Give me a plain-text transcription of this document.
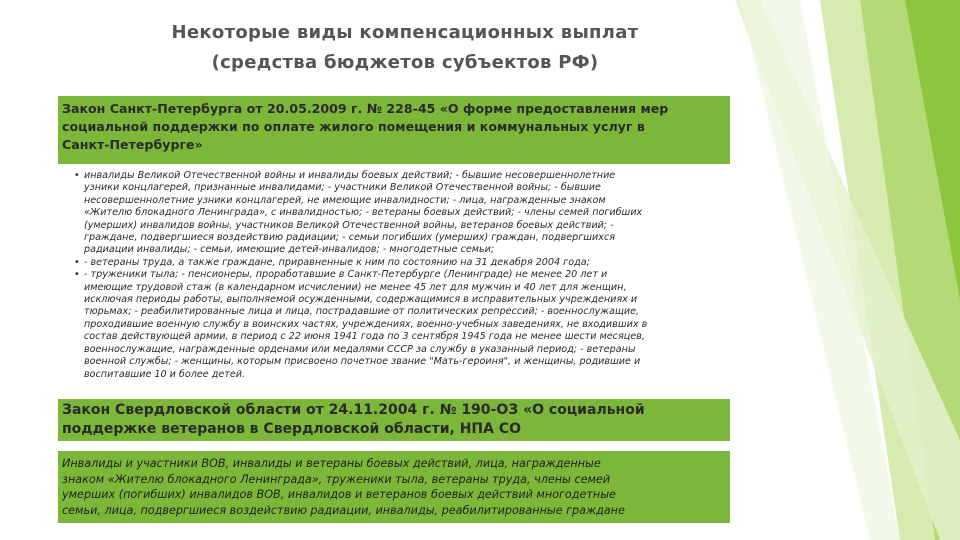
Некоторые виды компенсационных выплат
(средства бюджетов субъектов РФ)
Закон Санкт-Петербурга от 20.05.2009 г. № 228-45 «О форме предоставления мер
социальной поддержки по оплате жилого помещения и коммунальных услуг в
Санкт-Петербурге»
• инвалиды Великой Отечественной войны и инвалиды боевых действий; - бывшие несовершеннолетние
узники концлагерей, признанные инвалидами; - участники Великой Отечественной войны; - бывшие
несовершеннолетние узники концлагерей, не имеющие инвалидности; - лица, награжденные знаком
«Жителю блокадного Ленинграда», с инвалидностью; - ветераны боевых действий; - члены семей погибших
(умерших) инвалидов войны, участников Великой Отечественной войны, ветеранов боевых действий; -
граждане, подвергшиеся воздействию радиации; - семьи погибших (умерших) граждан, подвергшихся
радиации инвалиды; - семьи, имеющие детей-инвалидов; - многодетные семьи;
• - ветераны труда, а также граждане, приравненные к ним по состоянию на 31 декабря 2004 года;
• - труженики тыла; - пенсионеры, проработавшие в Санкт-Петербурге (Ленинграде) не менее 20 лет и
имеющие трудовой стаж (в календарном исчислении) не менее 45 лет для мужчин и 40 лет для женщин,
исключая периоды работы, выполняемой осужденными, содержащимися в исправительных учреждениях и
тюрьмах; - реабилитированные лица и лица, пострадавшие от политических репрессий; - военнослужащие,
проходившие военную службу в воинских частях, учреждениях, военно-учебных заведениях, не входивших в
состав действующей армии, в период с 22 июня 1941 года по 3 сентября 1945 года не менее шести месяцев,
военнослужащие, награжденные орденами или медалями СССР за службу в указанный период; - ветераны
военной службы; - женщины, которым присвоено почетное звание "Мать-героиня", и женщины, родившие и
воспитавшие 10 и более детей.
Закон Свердловской области от 24.11.2004 г. № 190-ОЗ «О социальной
поддержке ветеранов в Свердловской области, НПА СО
Инвалиды и участники ВОВ, инвалиды и ветераны боевых действий, лица, награжденные
знаком «Жителю блокадного Ленинграда», труженики тыла, ветераны труда, члены семей
умерших (погибших) инвалидов ВОВ, инвалидов и ветеранов боевых действий многодетные
семьи, лица, подвергшиеся воздействию радиации, инвалиды, реабилитированные граждане
